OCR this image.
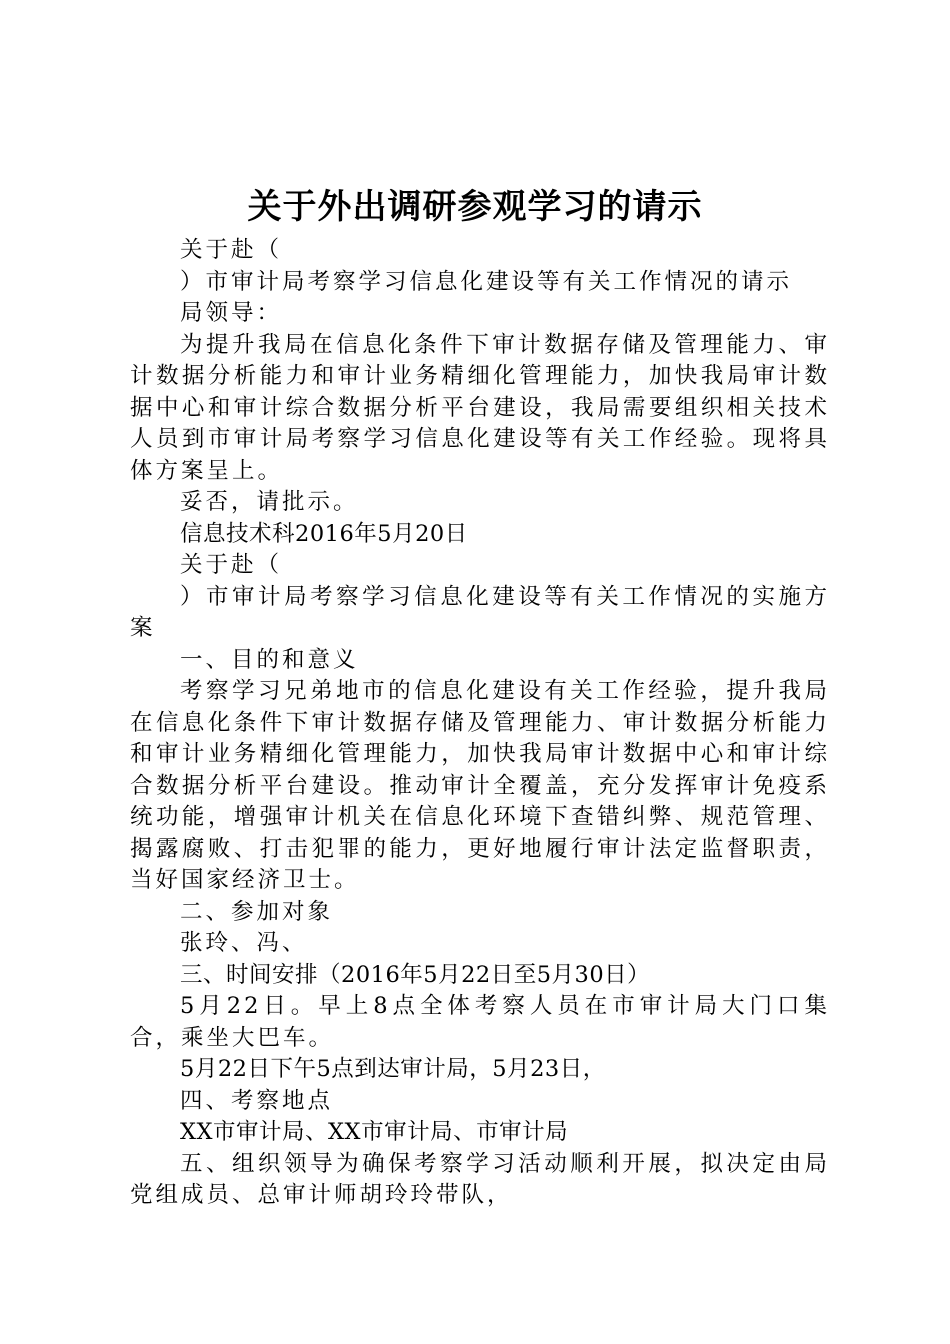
关于外出调研参观学习的请示

关于赴（

）市审计局考察学习信息化建设等有关工作情况的请示

局领导：

为提升我局在信息化条件下审计数据存储及管理能力、审计数据分析能力和审计业务精细化管理能力，加快我局审计数据中心和审计综合数据分析平台建设，我局需要组织相关技术人员到市审计局考察学习信息化建设等有关工作经验。现将具体方案呈上。

妥否，请批示。

信息技术科2016年5月20日

关于赴（

）市审计局考察学习信息化建设等有关工作情况的实施方案

一、目的和意义

考察学习兄弟地市的信息化建设有关工作经验，提升我局在信息化条件下审计数据存储及管理能力、审计数据分析能力和审计业务精细化管理能力，加快我局审计数据中心和审计综合数据分析平台建设。推动审计全覆盖，充分发挥审计免疫系统功能，增强审计机关在信息化环境下查错纠弊、规范管理、揭露腐败、打击犯罪的能力，更好地履行审计法定监督职责，当好国家经济卫士。

二、参加对象

张玲、冯、

三、时间安排（2016年5月22日至5月30日）

5月22日。早上8点全体考察人员在市审计局大门口集合，乘坐大巴车。

5月22日下午5点到达审计局，5月23日，

四、考察地点

XX市审计局、XX市审计局、市审计局

五、组织领导为确保考察学习活动顺利开展，拟决定由局党组成员、总审计师胡玲玲带队，
